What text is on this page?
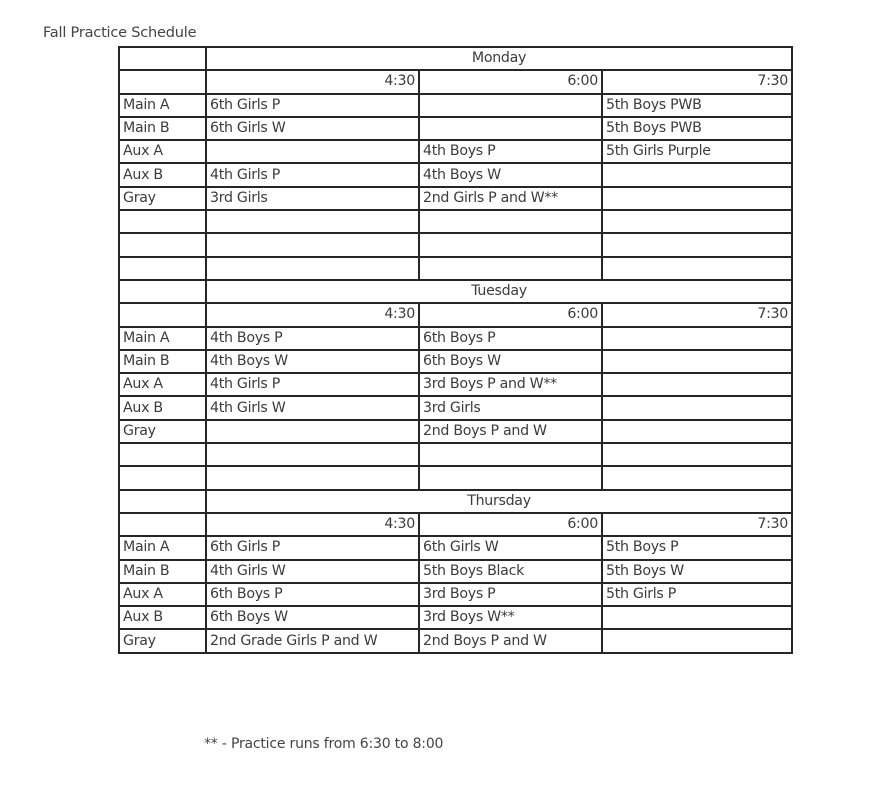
Fall Practice Schedule
	Monday		
	4:30	6:00	7:30
Main A	6th Girls P		5th Boys PWB
Main B	6th Girls W		5th Boys PWB
Aux A		4th Boys P	5th Girls Purple
Aux B	4th Girls P	4th Boys W	
Gray	3rd Girls	2nd Girls P and W**	

	Tuesday		
	4:30	6:00	7:30
Main A	4th Boys P	6th Boys P	
Main B	4th Boys W	6th Boys W	
Aux A	4th Girls P	3rd Boys P and W**	
Aux B	4th Girls W	3rd Girls	
Gray		2nd Boys P and W	

	Thursday		
	4:30	6:00	7:30
Main A	6th Girls P	6th Girls W	5th Boys P
Main B	4th Girls W	5th Boys Black	5th Boys W
Aux A	6th Boys P	3rd Boys P	5th Girls P
Aux B	6th Boys W	3rd Boys W**	
Gray	2nd Grade Girls P and W	2nd Boys P and W	
** - Practice runs from 6:30 to 8:00
